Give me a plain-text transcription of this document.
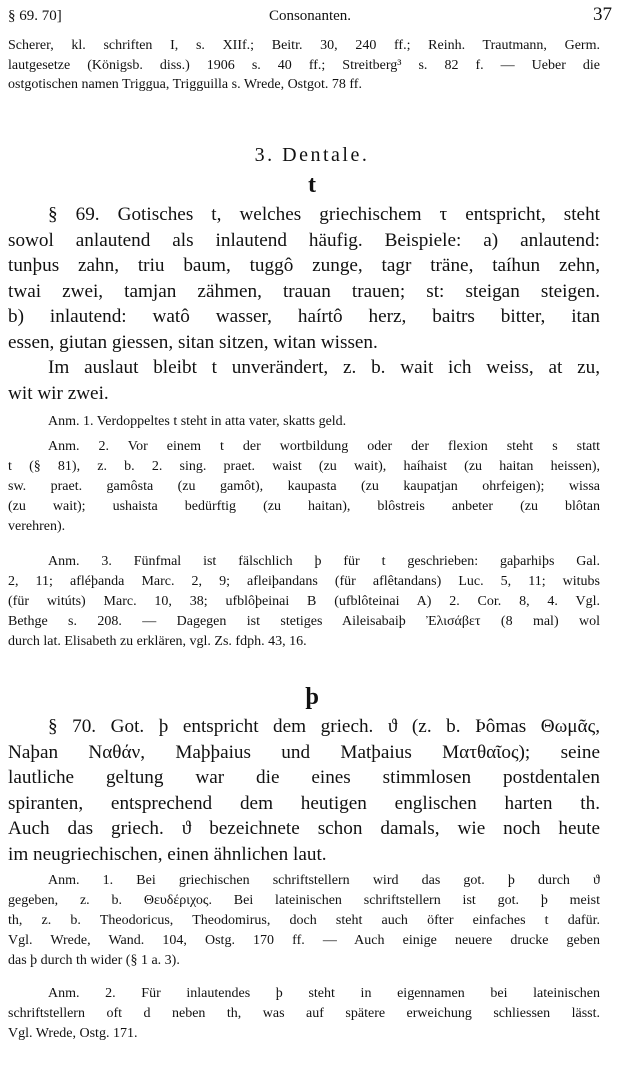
§ 69. 70]	Consonanten.	37
Scherer, kl. schriften I, s. XIIf.; Beitr. 30, 240 ff.; Reinh. Trautmann, Germ.
lautgesetze (Königsb. diss.) 1906 s. 40 ff.; Streitberg³ s. 82 f. — Ueber die
ostgotischen namen Triggua, Trigguilla s. Wrede, Ostgot. 78 ff.
3. Dentale.
t
§ 69. Gotisches t, welches griechischem τ entspricht, steht
sowol anlautend als inlautend häufig. Beispiele: a) anlautend:
tunþus zahn, triu baum, tuggô zunge, tagr träne, taíhun zehn,
twai zwei, tamjan zähmen, trauan trauen; st: steigan steigen.
b) inlautend: watô wasser, haírtô herz, baitrs bitter, itan
essen, giutan giessen, sitan sitzen, witan wissen.
Im auslaut bleibt t unverändert, z. b. wait ich weiss, at zu,
wit wir zwei.
Anm. 1. Verdoppeltes t steht in atta vater, skatts geld.
Anm. 2. Vor einem t der wortbildung oder der flexion steht s statt
t (§ 81), z. b. 2. sing. praet. waist (zu wait), haíhaist (zu haitan heissen),
sw. praet. gamôsta (zu gamôt), kaupasta (zu kaupatjan ohrfeigen); wissa
(zu wait); ushaista bedürftig (zu haitan), blôstreis anbeter (zu blôtan
verehren).
Anm. 3. Fünfmal ist fälschlich þ für t geschrieben: gaþarhiþs Gal.
2, 11; afléþanda Marc. 2, 9; afleiþandans (für aflêtandans) Luc. 5, 11; witubs
(für witúts) Marc. 10, 38; ufblôþeinai B (ufblôteinai A) 2. Cor. 8, 4. Vgl.
Bethge s. 208. — Dagegen ist stetiges Aileisabaiþ Ἐλισάβετ (8 mal) wol
durch lat. Elisabeth zu erklären, vgl. Zs. fdph. 43, 16.
þ
§ 70. Got. þ entspricht dem griech. ϑ (z. b. Þômas Θωμᾶς,
Naþan Ναθάν, Maþþaius und Matþaius Ματθαῖος); seine
lautliche geltung war die eines stimmlosen postdentalen
spiranten, entsprechend dem heutigen englischen harten th.
Auch das griech. ϑ bezeichnete schon damals, wie noch heute
im neugriechischen, einen ähnlichen laut.
Anm. 1. Bei griechischen schriftstellern wird das got. þ durch ϑ
gegeben, z. b. Θευδέριχος. Bei lateinischen schriftstellern ist got. þ meist
th, z. b. Theodoricus, Theodomirus, doch steht auch öfter einfaches t dafür.
Vgl. Wrede, Wand. 104, Ostg. 170 ff. — Auch einige neuere drucke geben
das þ durch th wider (§ 1 a. 3).
Anm. 2. Für inlautendes þ steht in eigennamen bei lateinischen
schriftstellern oft d neben th, was auf spätere erweichung schliessen lässt.
Vgl. Wrede, Ostg. 171.
